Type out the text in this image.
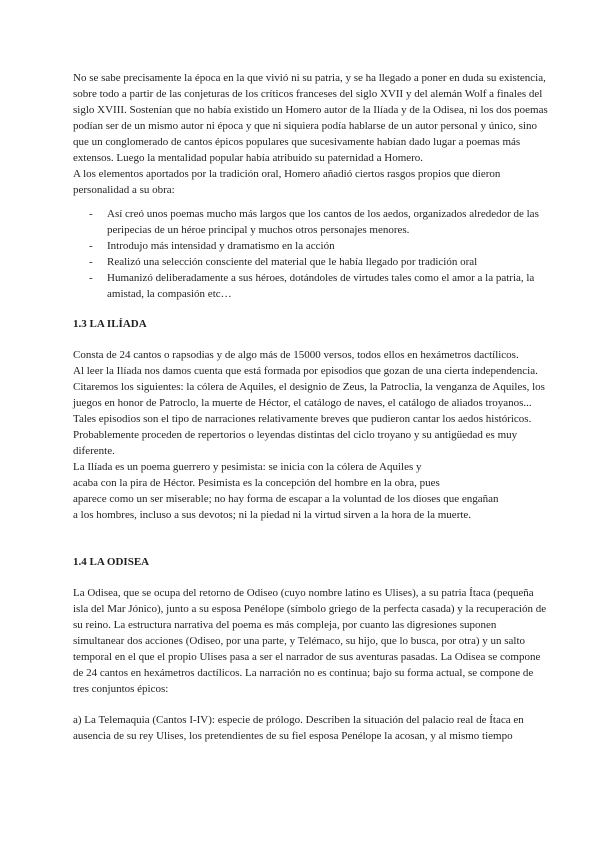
No se sabe precisamente la época en la que vivió ni su patria, y se ha llegado a poner en duda su existencia, sobre todo a partir de las conjeturas de los críticos franceses del siglo XVII y del alemán Wolf a finales del siglo XVIII. Sostenían que no había existido un Homero autor de la Ilíada y de la Odisea, ni los dos poemas podían ser de un mismo autor ni época y que ni siquiera podía hablarse de un autor personal y único, sino que un conglomerado de cantos épicos populares que sucesivamente habían dado lugar a poemas más extensos. Luego la mentalidad popular había atribuido su paternidad a Homero.

A los elementos aportados por la tradición oral, Homero añadió ciertos rasgos propios que dieron personalidad a su obra:

- Así creó unos poemas mucho más largos que los cantos de los aedos, organizados alrededor de las peripecias de un héroe principal y muchos otros personajes menores.
- Introdujo más intensidad y dramatismo en la acción
- Realizó una selección consciente del material que le había llegado por tradición oral
- Humanizó deliberadamente a sus héroes, dotándoles de virtudes tales como el amor a la patria, la amistad, la compasión etc…
1.3 LA ILÍADA

Consta de 24 cantos o rapsodias y de algo más de 15000 versos, todos ellos en hexámetros dactílicos.

Al leer la Ilíada nos damos cuenta que está formada por episodios que gozan de una cierta independencia. Citaremos los siguientes: la cólera de Aquiles, el designio de Zeus, la Patroclia, la venganza de Aquiles, los juegos en honor de Patroclo, la muerte de Héctor, el catálogo de naves, el catálogo de aliados troyanos...

Tales episodios son el tipo de narraciones relativamente breves que pudieron cantar los aedos históricos. Probablemente proceden de repertorios o leyendas distintas del ciclo troyano y su antigüedad es muy diferente.

La Ilíada es un poema guerrero y pesimista: se inicia con la cólera de Aquiles y
acaba con la pira de Héctor. Pesimista es la concepción del hombre en la obra, pues
aparece como un ser miserable; no hay forma de escapar a la voluntad de los dioses que engañan
a los hombres, incluso a sus devotos; ni la piedad ni la virtud sirven a la hora de la muerte.
1.4 LA ODISEA

La Odisea, que se ocupa del retorno de Odiseo (cuyo nombre latino es Ulises), a su patria Ítaca (pequeña isla del Mar Jónico), junto a su esposa Penélope (símbolo griego de la perfecta casada) y la recuperación de su reino. La estructura narrativa del poema es más compleja, por cuanto las digresiones suponen simultanear dos acciones (Odiseo, por una parte, y Telémaco, su hijo, que lo busca, por otra) y un salto temporal en el que el propio Ulises pasa a ser el narrador de sus aventuras pasadas. La Odisea se compone de 24 cantos en hexámetros dactílicos. La narración no es continua; bajo su forma actual, se compone de tres conjuntos épicos:

a) La Telemaquia (Cantos I-IV): especie de prólogo. Describen la situación del palacio real de Ítaca en ausencia de su rey Ulises, los pretendientes de su fiel esposa Penélope la acosan, y al mismo tiempo
